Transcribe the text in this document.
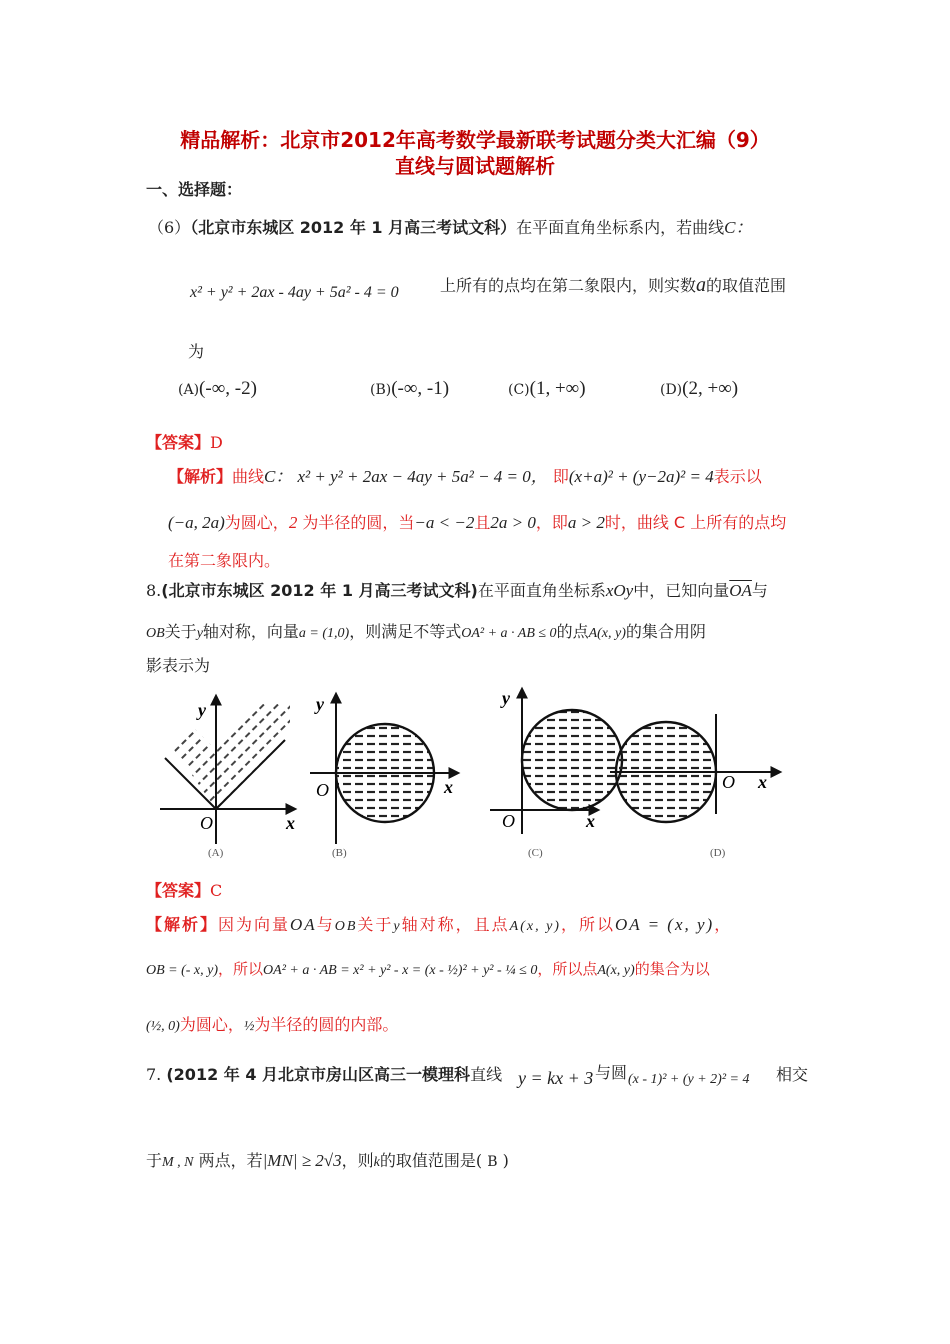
精品解析：北京市2012年高考数学最新联考试题分类大汇编（9）
直线与圆试题解析
一、选择题：
（6）（北京市东城区 2012 年 1 月高三考试文科）在平面直角坐标系内，若曲线C：
x² + y² + 2ax - 4ay + 5a² - 4 = 0	上所有的点均在第二象限内，则实数a的取值范围
为
(A)(-∞, -2)	(B)(-∞, -1)	(C)(1, +∞)	(D)(2, +∞)
【答案】D
【解析】曲线C： x² + y² + 2ax − 4ay + 5a² − 4 = 0， 即(x+a)² + (y−2a)² = 4表示以
(−a, 2a)为圆心，2 为半径的圆，当−a < −2且2a > 0，即a > 2时，曲线 C 上所有的点均
在第二象限内。
8.(北京市东城区 2012 年 1 月高三考试文科)在平面直角坐标系xOy中，已知向量$\overline{OA}$与
OB关于y轴对称，向量a = (1,0)，则满足不等式OA² + a · AB ≤ 0的点A(x, y)的集合用阴
影表示为
y
O	x
(A)
y
O	x
(B)
y
O	x
(C)
O x
(D)
【答案】C
【解析】因为向量OA与OB关于y轴对称，且点A(x, y)，所以OA = (x, y)，
OB = (- x, y)，所以OA² + a · AB = x² + y² - x = (x - ½)² + y² - ¼ ≤ 0，所以点A(x, y)的集合为以
(½, 0)为圆心，½为半径的圆的内部。
7. (2012 年 4 月北京市房山区高三一模理科直线 y = kx + 3 与圆 (x - 1)² + (y + 2)² = 4 相交
于M , N 两点，若|MN| ≥ 2√3，则k的取值范围是( B )
